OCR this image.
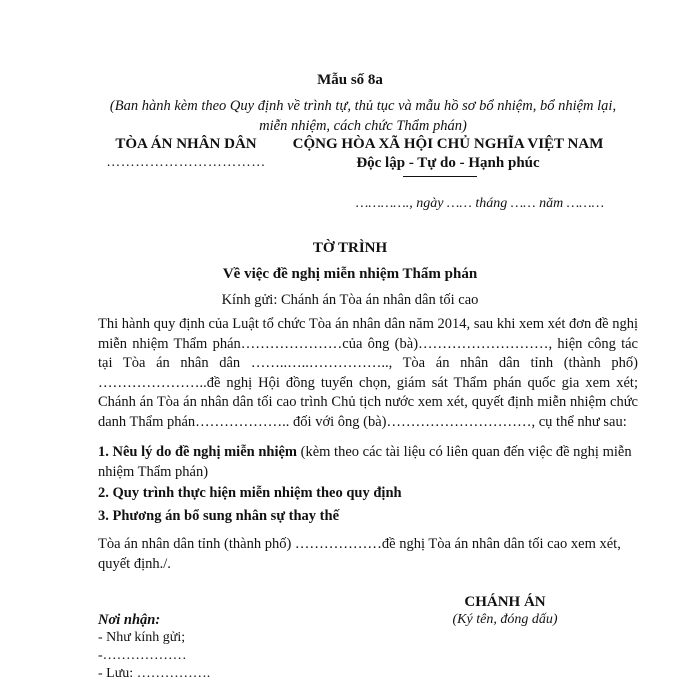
Mẫu số 8a
(Ban hành kèm theo Quy định về trình tự, thủ tục và mẫu hồ sơ bổ nhiệm, bổ nhiệm lại, miễn nhiệm, cách chức Thẩm phán)
TÒA ÁN NHÂN DÂN
……………………………
CỘNG HÒA XÃ HỘI CHỦ NGHĨA VIỆT NAM
Độc lập - Tự do - Hạnh phúc
…………., ngày …… tháng …… năm ………
TỜ TRÌNH
Về việc đề nghị miễn nhiệm Thẩm phán
Kính gửi: Chánh án Tòa án nhân dân tối cao
Thi hành quy định của Luật tổ chức Tòa án nhân dân năm 2014, sau khi xem xét đơn đề nghị miễn nhiệm Thẩm phán…………………của ông (bà)………………………, hiện công tác tại Tòa án nhân dân ……..…..…………….., Tòa án nhân dân tỉnh (thành phố) …………………..đề nghị Hội đồng tuyển chọn, giám sát Thẩm phán quốc gia xem xét; Chánh án Tòa án nhân dân tối cao trình Chủ tịch nước xem xét, quyết định miễn nhiệm chức danh Thẩm phán……………….. đối với ông (bà)…………………………, cụ thể như sau:
1. Nêu lý do đề nghị miễn nhiệm (kèm theo các tài liệu có liên quan đến việc đề nghị miễn nhiệm Thẩm phán)
2. Quy trình thực hiện miễn nhiệm theo quy định
3. Phương án bổ sung nhân sự thay thế
Tòa án nhân dân tỉnh (thành phố) ………………đề nghị Tòa án nhân dân tối cao xem xét, quyết định./.
CHÁNH ÁN
(Ký tên, đóng dấu)
Nơi nhận:
- Như kính gửi;
-………………
- Lưu: …………….
